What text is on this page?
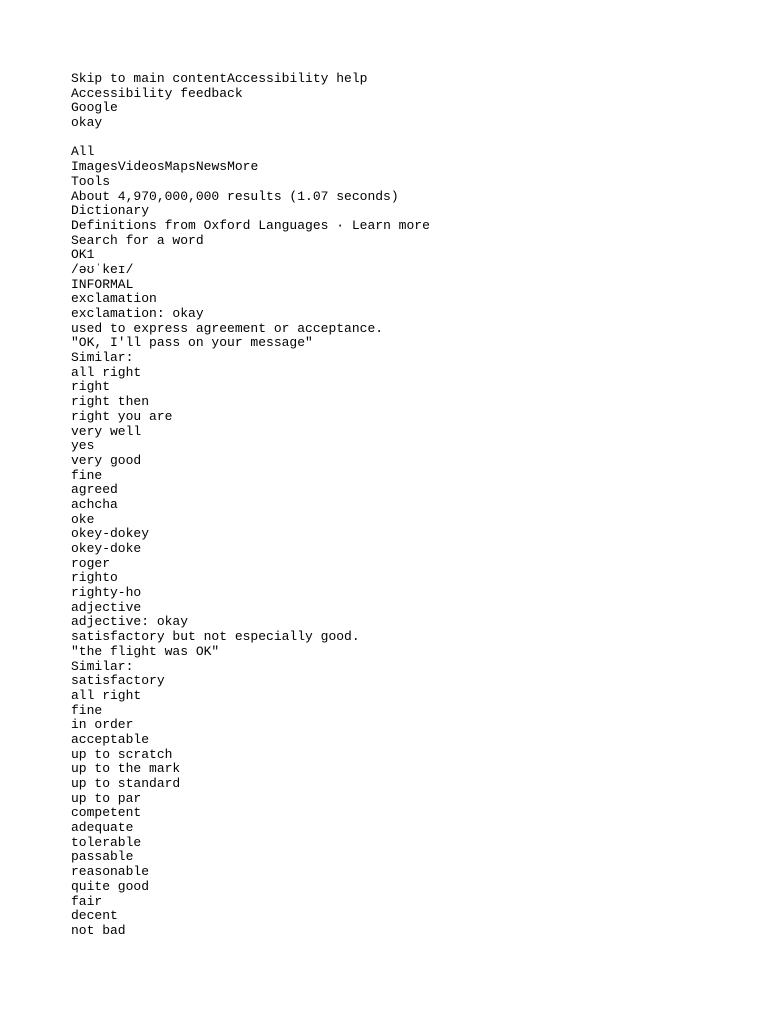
Skip to main contentAccessibility help
Accessibility feedback
Google
okay
All
ImagesVideosMapsNewsMore
Tools
About 4,970,000,000 results (1.07 seconds)
Dictionary
Definitions from Oxford Languages · Learn more
Search for a word
OK1
/əʊˈkeɪ/
INFORMAL
exclamation
exclamation: okay
used to express agreement or acceptance.
"OK, I'll pass on your message"
Similar:
all right
right
right then
right you are
very well
yes
very good
fine
agreed
achcha
oke
okey-dokey
okey-doke
roger
righto
righty-ho
adjective
adjective: okay
satisfactory but not especially good.
"the flight was OK"
Similar:
satisfactory
all right
fine
in order
acceptable
up to scratch
up to the mark
up to standard
up to par
competent
adequate
tolerable
passable
reasonable
quite good
fair
decent
not bad
